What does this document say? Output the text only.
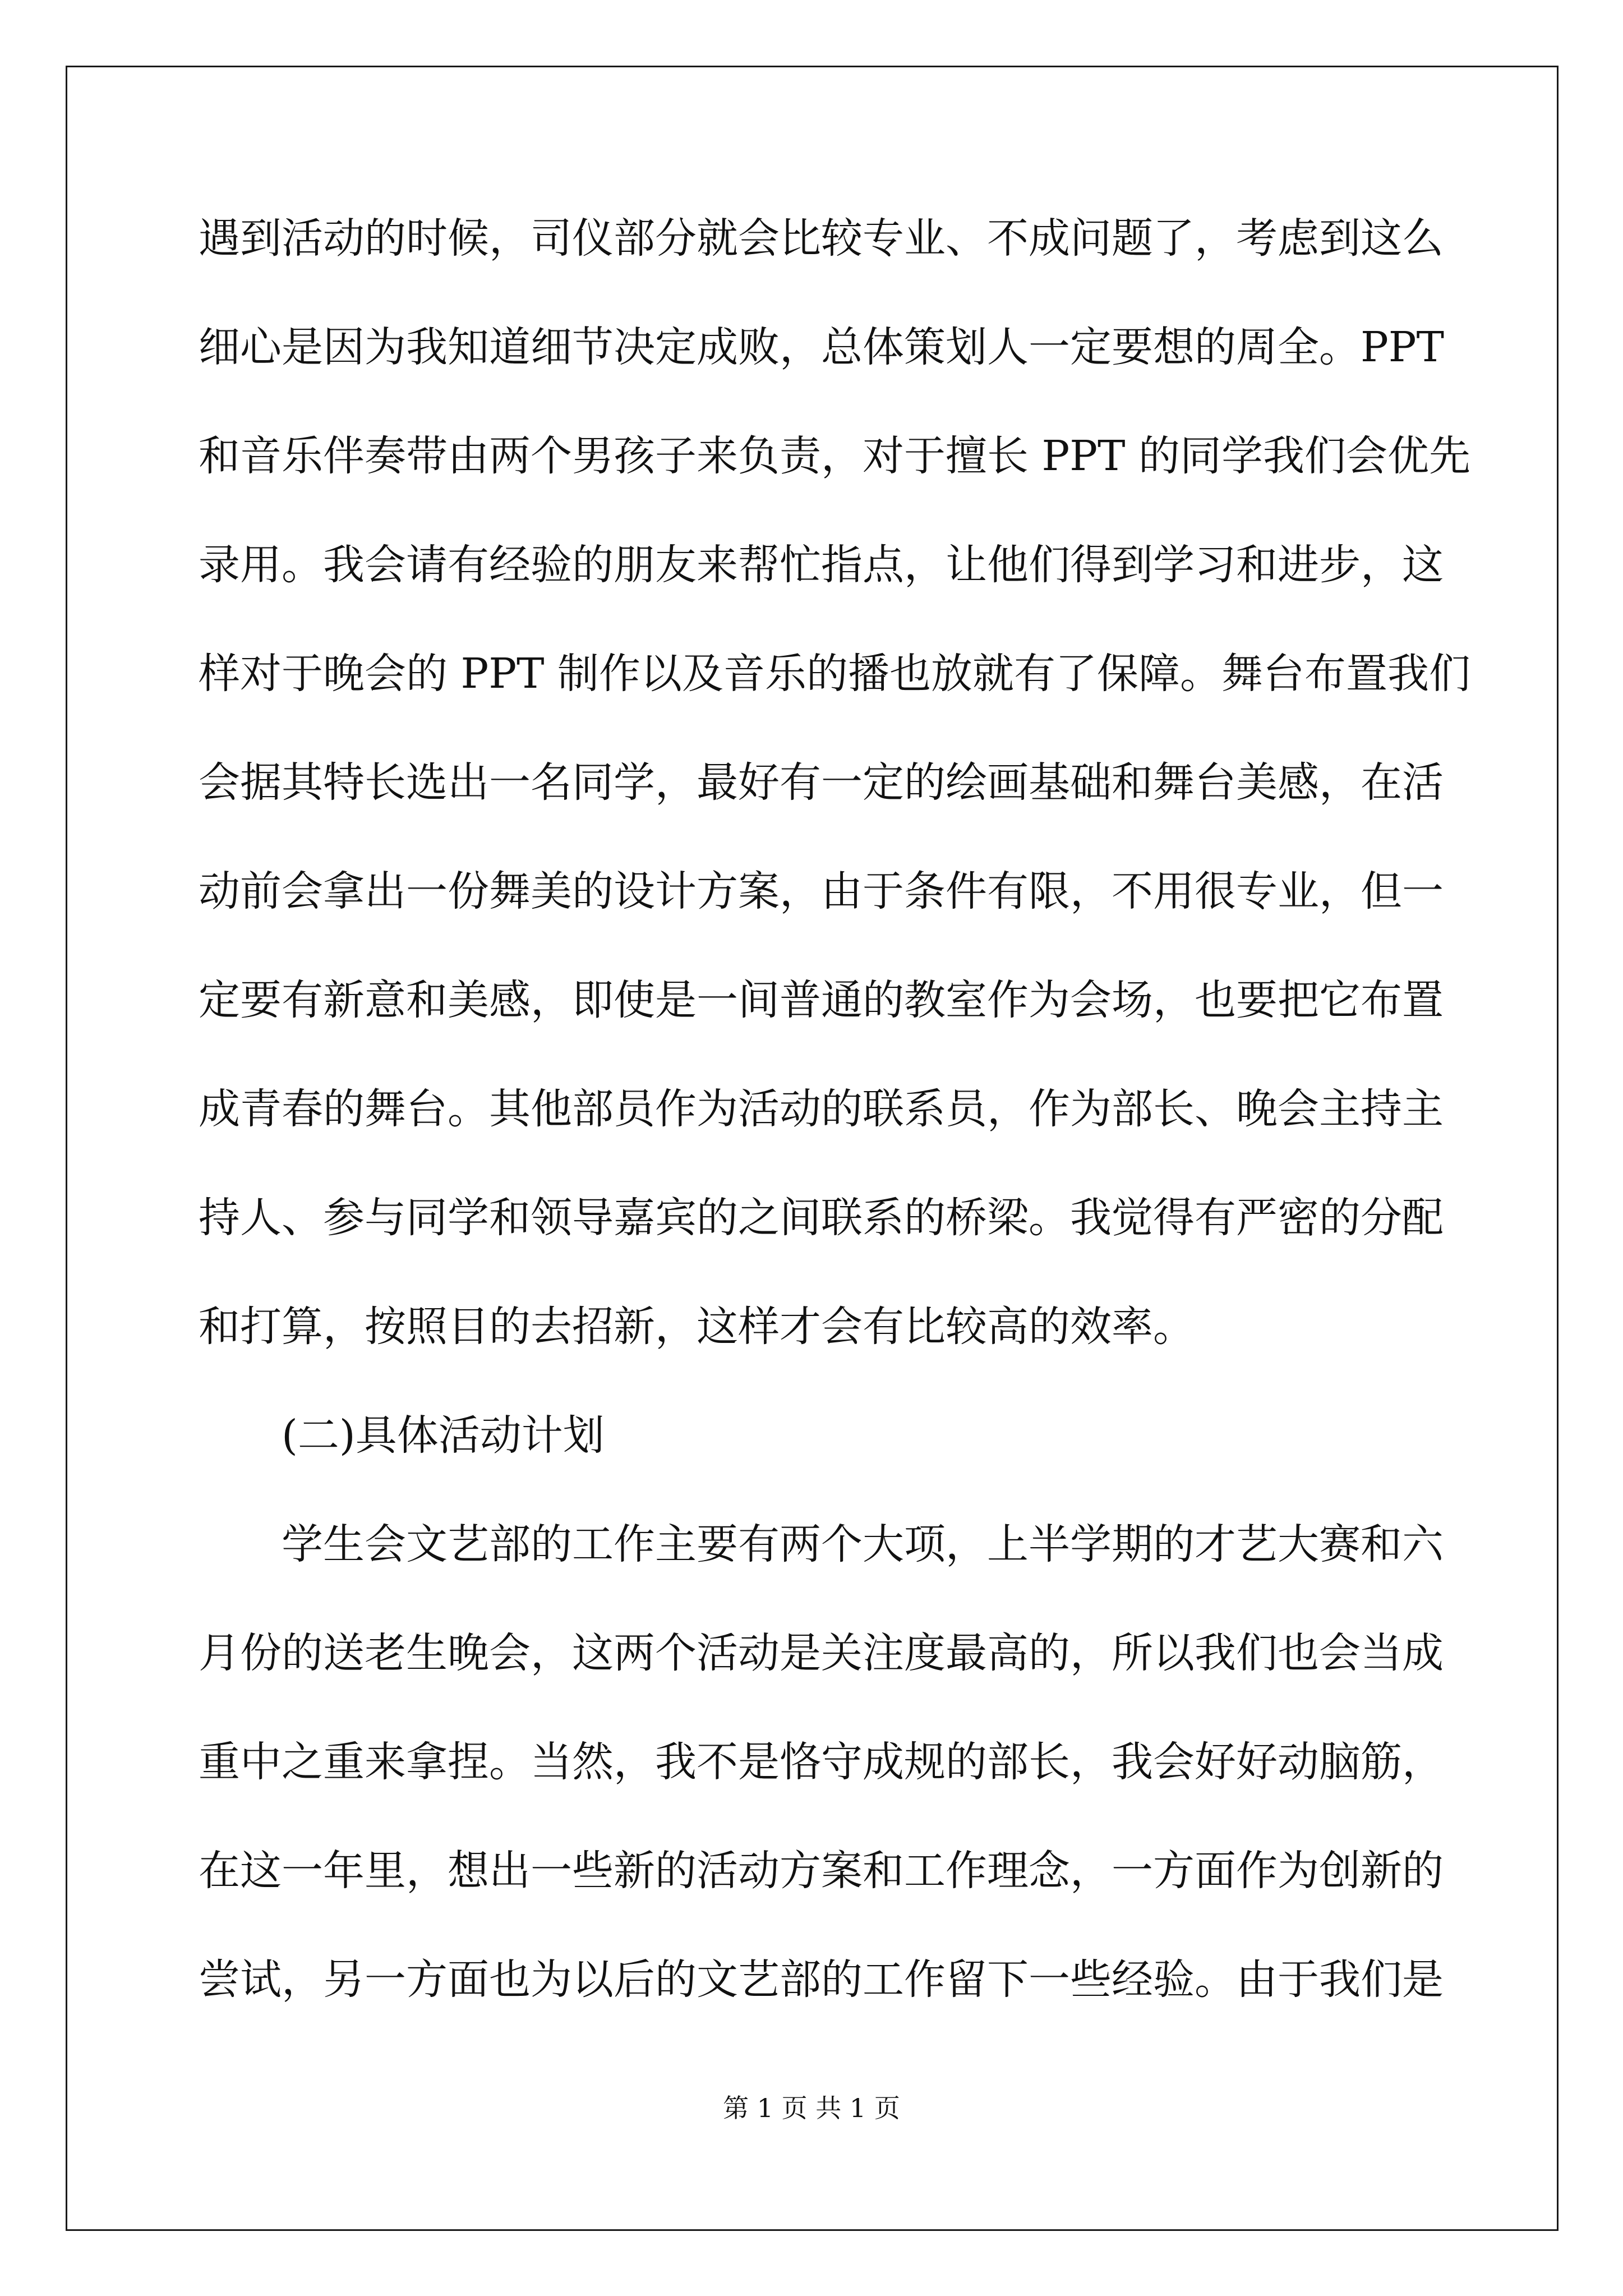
遇到活动的时候，司仪部分就会比较专业、不成问题了，考虑到这么
细心是因为我知道细节决定成败，总体策划人一定要想的周全。PPT
和音乐伴奏带由两个男孩子来负责，对于擅长 PPT 的同学我们会优先
录用。我会请有经验的朋友来帮忙指点，让他们得到学习和进步，这
样对于晚会的 PPT 制作以及音乐的播也放就有了保障。舞台布置我们
会据其特长选出一名同学，最好有一定的绘画基础和舞台美感，在活
动前会拿出一份舞美的设计方案，由于条件有限，不用很专业，但一
定要有新意和美感，即使是一间普通的教室作为会场，也要把它布置
成青春的舞台。其他部员作为活动的联系员，作为部长、晚会主持主
持人、参与同学和领导嘉宾的之间联系的桥梁。我觉得有严密的分配
和打算，按照目的去招新，这样才会有比较高的效率。
(二)具体活动计划
学生会文艺部的工作主要有两个大项，上半学期的才艺大赛和六
月份的送老生晚会，这两个活动是关注度最高的，所以我们也会当成
重中之重来拿捏。当然，我不是恪守成规的部长，我会好好动脑筋，
在这一年里，想出一些新的活动方案和工作理念，一方面作为创新的
尝试，另一方面也为以后的文艺部的工作留下一些经验。由于我们是
第 1 页 共 1 页
